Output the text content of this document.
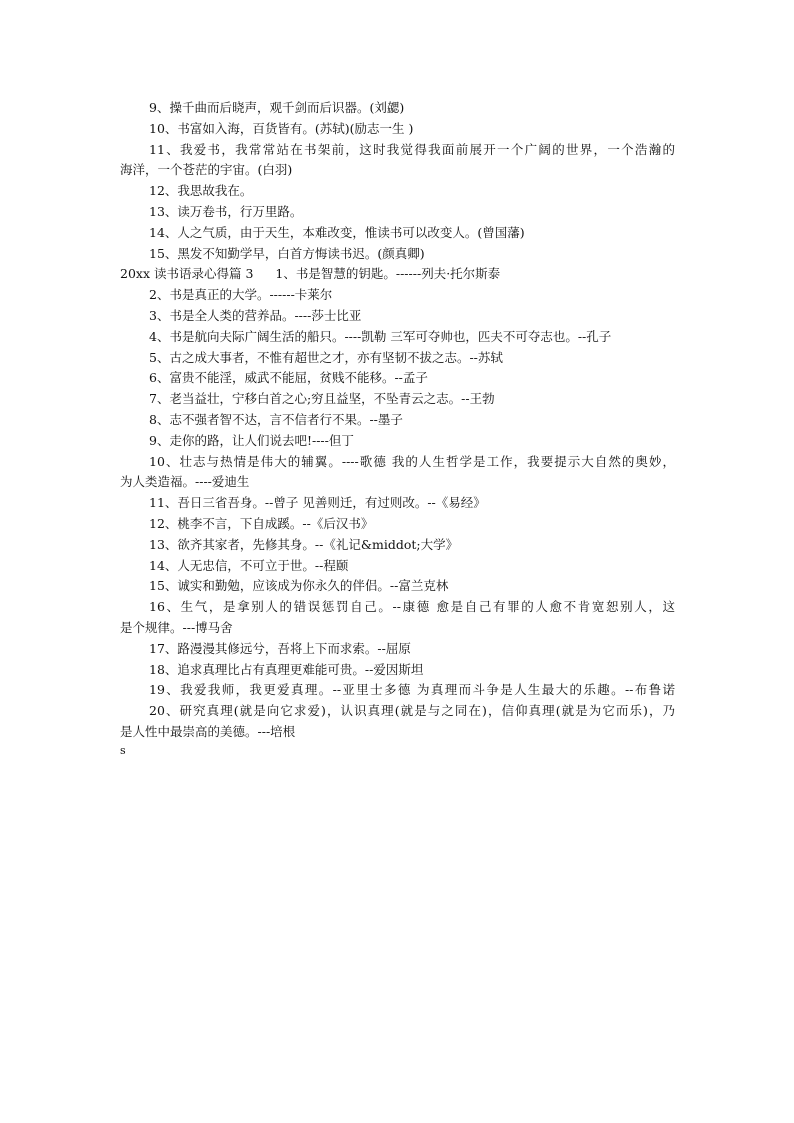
9、操千曲而后晓声，观千剑而后识器。(刘勰)
10、书富如入海，百货皆有。(苏轼)(励志一生 )
11、我爱书，我常常站在书架前，这时我觉得我面前展开一个广阔的世界，一个浩瀚的
海洋，一个苍茫的宇宙。(白羽)
12、我思故我在。
13、读万卷书，行万里路。
14、人之气质，由于天生，本难改变，惟读书可以改变人。(曾国藩)
15、黑发不知勤学早，白首方悔读书迟。(颜真卿)
20xx 读书语录心得篇 3 1、书是智慧的钥匙。------列夫·托尔斯泰
2、书是真正的大学。------卡莱尔
3、书是全人类的营养品。----莎士比亚
4、书是航向夫际广阔生活的船只。----凯勒 三军可夺帅也，匹夫不可夺志也。--孔子
5、古之成大事者，不惟有超世之才，亦有坚韧不拔之志。--苏轼
6、富贵不能淫，威武不能屈，贫贱不能移。--孟子
7、老当益壮，宁移白首之心;穷且益坚，不坠青云之志。--王勃
8、志不强者智不达，言不信者行不果。--墨子
9、走你的路，让人们说去吧!----但丁
10、壮志与热情是伟大的辅翼。----歌德 我的人生哲学是工作，我要提示大自然的奥妙，
为人类造福。----爱迪生
11、吾日三省吾身。--曾子 见善则迁，有过则改。--《易经》
12、桃李不言，下自成蹊。--《后汉书》
13、欲齐其家者，先修其身。--《礼记&middot;大学》
14、人无忠信，不可立于世。--程颐
15、诚实和勤勉，应该成为你永久的伴侣。--富兰克林
16、生气，是拿别人的错误惩罚自己。--康德 愈是自己有罪的人愈不肯宽恕别人，这
是个规律。---博马舍
17、路漫漫其修远兮，吾将上下而求索。--屈原
18、追求真理比占有真理更难能可贵。--爱因斯坦
19、我爱我师，我更爱真理。--亚里士多德 为真理而斗争是人生最大的乐趣。--布鲁诺
20、研究真理(就是向它求爱)，认识真理(就是与之同在)，信仰真理(就是为它而乐)，乃
是人性中最崇高的美德。---培根
s
